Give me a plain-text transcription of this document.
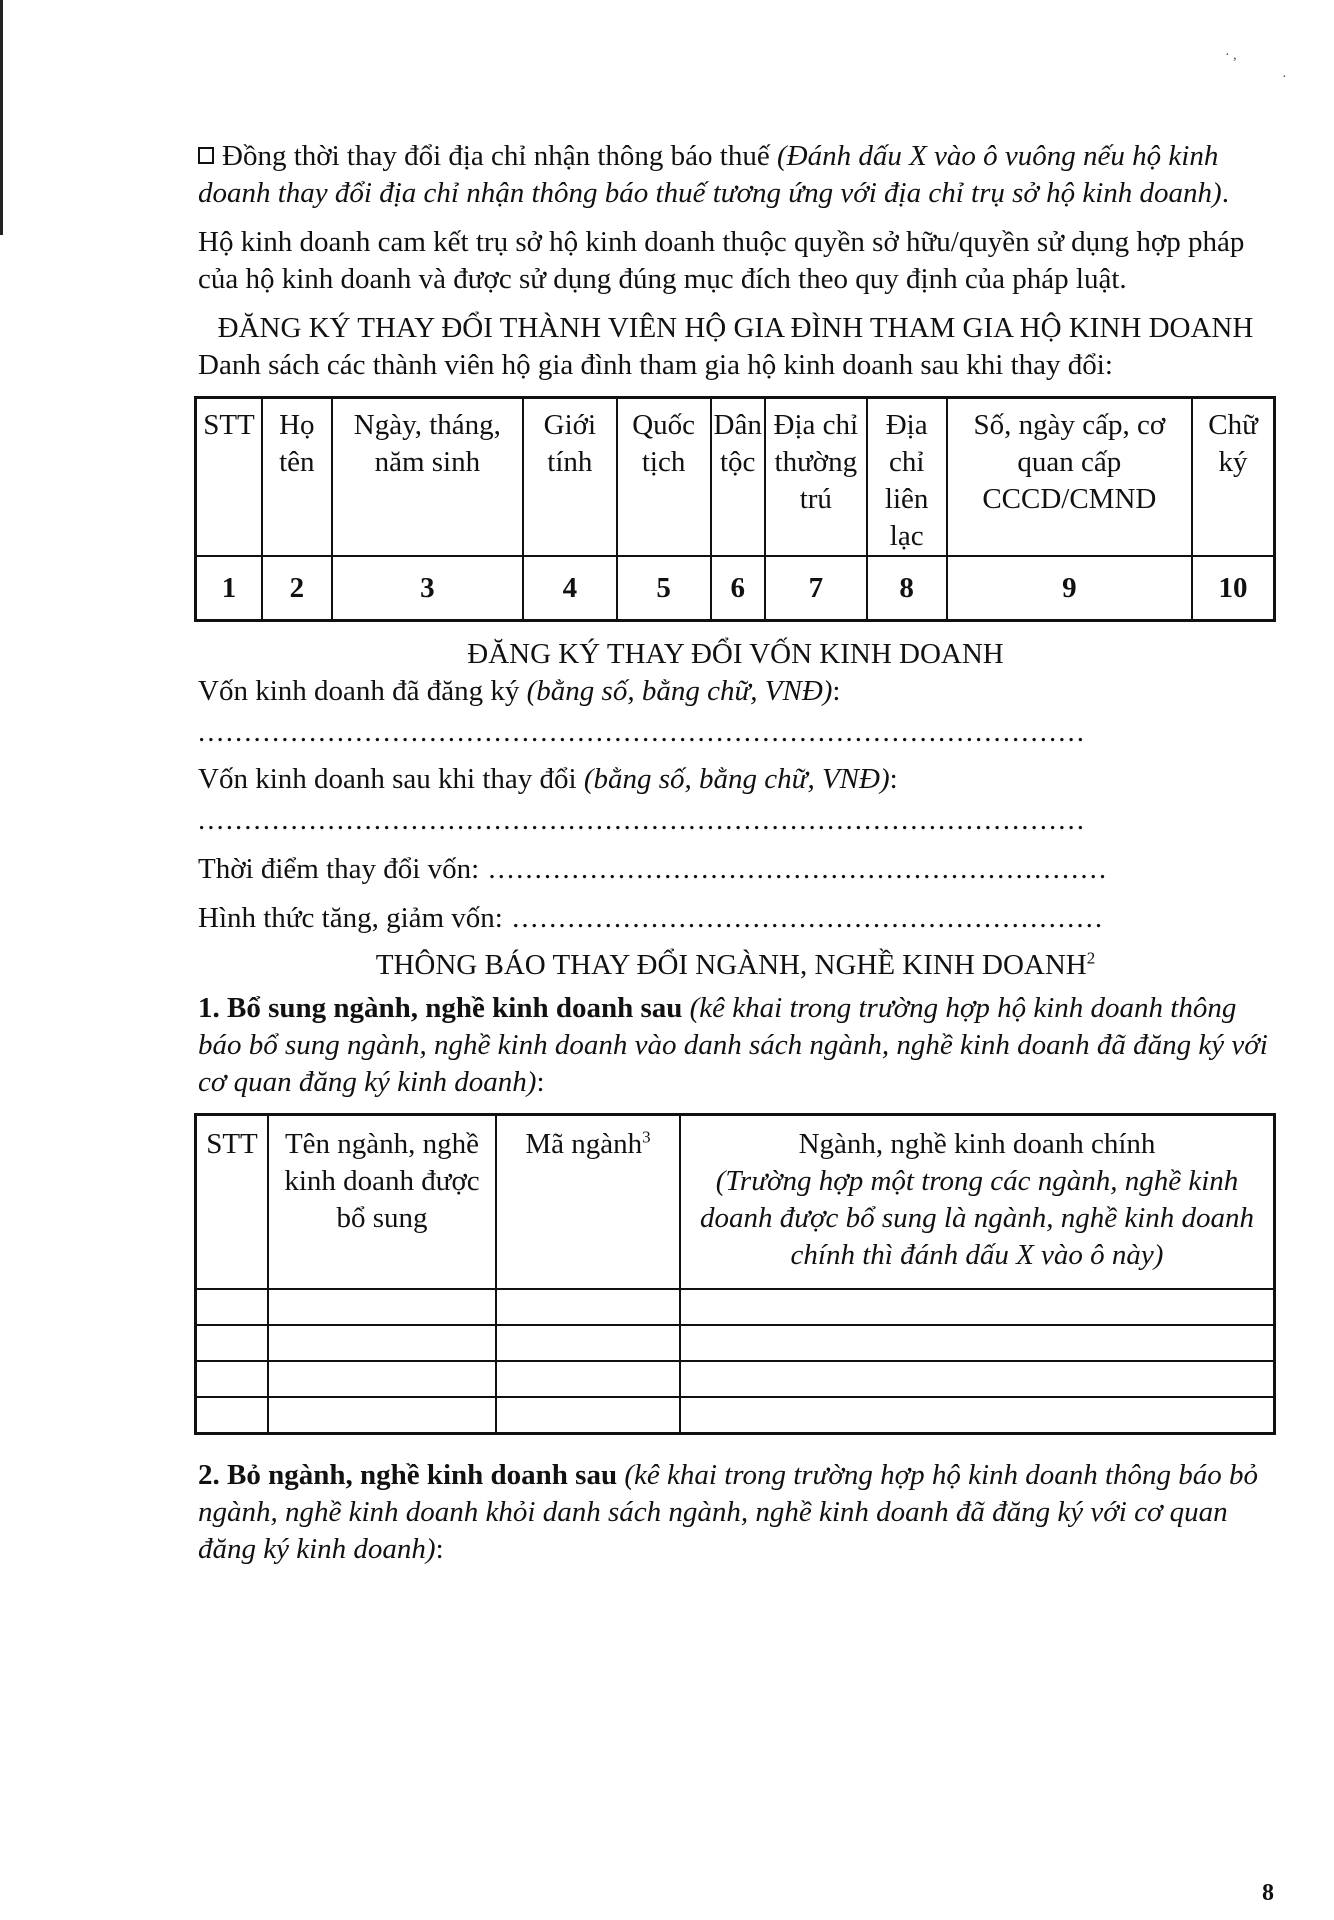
· ,
·

Đồng thời thay đổi địa chỉ nhận thông báo thuế (Đánh dấu X vào ô vuông nếu hộ kinh doanh thay đổi địa chỉ nhận thông báo thuế tương ứng với địa chỉ trụ sở hộ kinh doanh).

Hộ kinh doanh cam kết trụ sở hộ kinh doanh thuộc quyền sở hữu/quyền sử dụng hợp pháp của hộ kinh doanh và được sử dụng đúng mục đích theo quy định của pháp luật.

ĐĂNG KÝ THAY ĐỔI THÀNH VIÊN HỘ GIA ĐÌNH THAM GIA HỘ KINH DOANH

Danh sách các thành viên hộ gia đình tham gia hộ kinh doanh sau khi thay đổi:

STT	Họ tên	Ngày, tháng, năm sinh	Giới tính	Quốc tịch	Dân tộc	Địa chỉ thường trú	Địa chỉ liên lạc	Số, ngày cấp, cơ quan cấp CCCD/CMND	Chữ ký
1	2	3	4	5	6	7	8	9	10

ĐĂNG KÝ THAY ĐỔI VỐN KINH DOANH

Vốn kinh doanh đã đăng ký (bằng số, bằng chữ, VNĐ):

................................................................................................

Vốn kinh doanh sau khi thay đổi (bằng số, bằng chữ, VNĐ):

................................................................................................

Thời điểm thay đổi vốn: ...................................................................

Hình thức tăng, giảm vốn: ................................................................

THÔNG BÁO THAY ĐỔI NGÀNH, NGHỀ KINH DOANH$^2$

1. Bổ sung ngành, nghề kinh doanh sau (kê khai trong trường hợp hộ kinh doanh thông báo bổ sung ngành, nghề kinh doanh vào danh sách ngành, nghề kinh doanh đã đăng ký với cơ quan đăng ký kinh doanh):

STT	Tên ngành, nghề kinh doanh được bổ sung	Mã ngành$^3$	Ngành, nghề kinh doanh chính
(Trường hợp một trong các ngành, nghề kinh doanh được bổ sung là ngành, nghề kinh doanh chính thì đánh dấu X vào ô này)

2. Bỏ ngành, nghề kinh doanh sau (kê khai trong trường hợp hộ kinh doanh thông báo bỏ ngành, nghề kinh doanh khỏi danh sách ngành, nghề kinh doanh đã đăng ký với cơ quan đăng ký kinh doanh):

8
